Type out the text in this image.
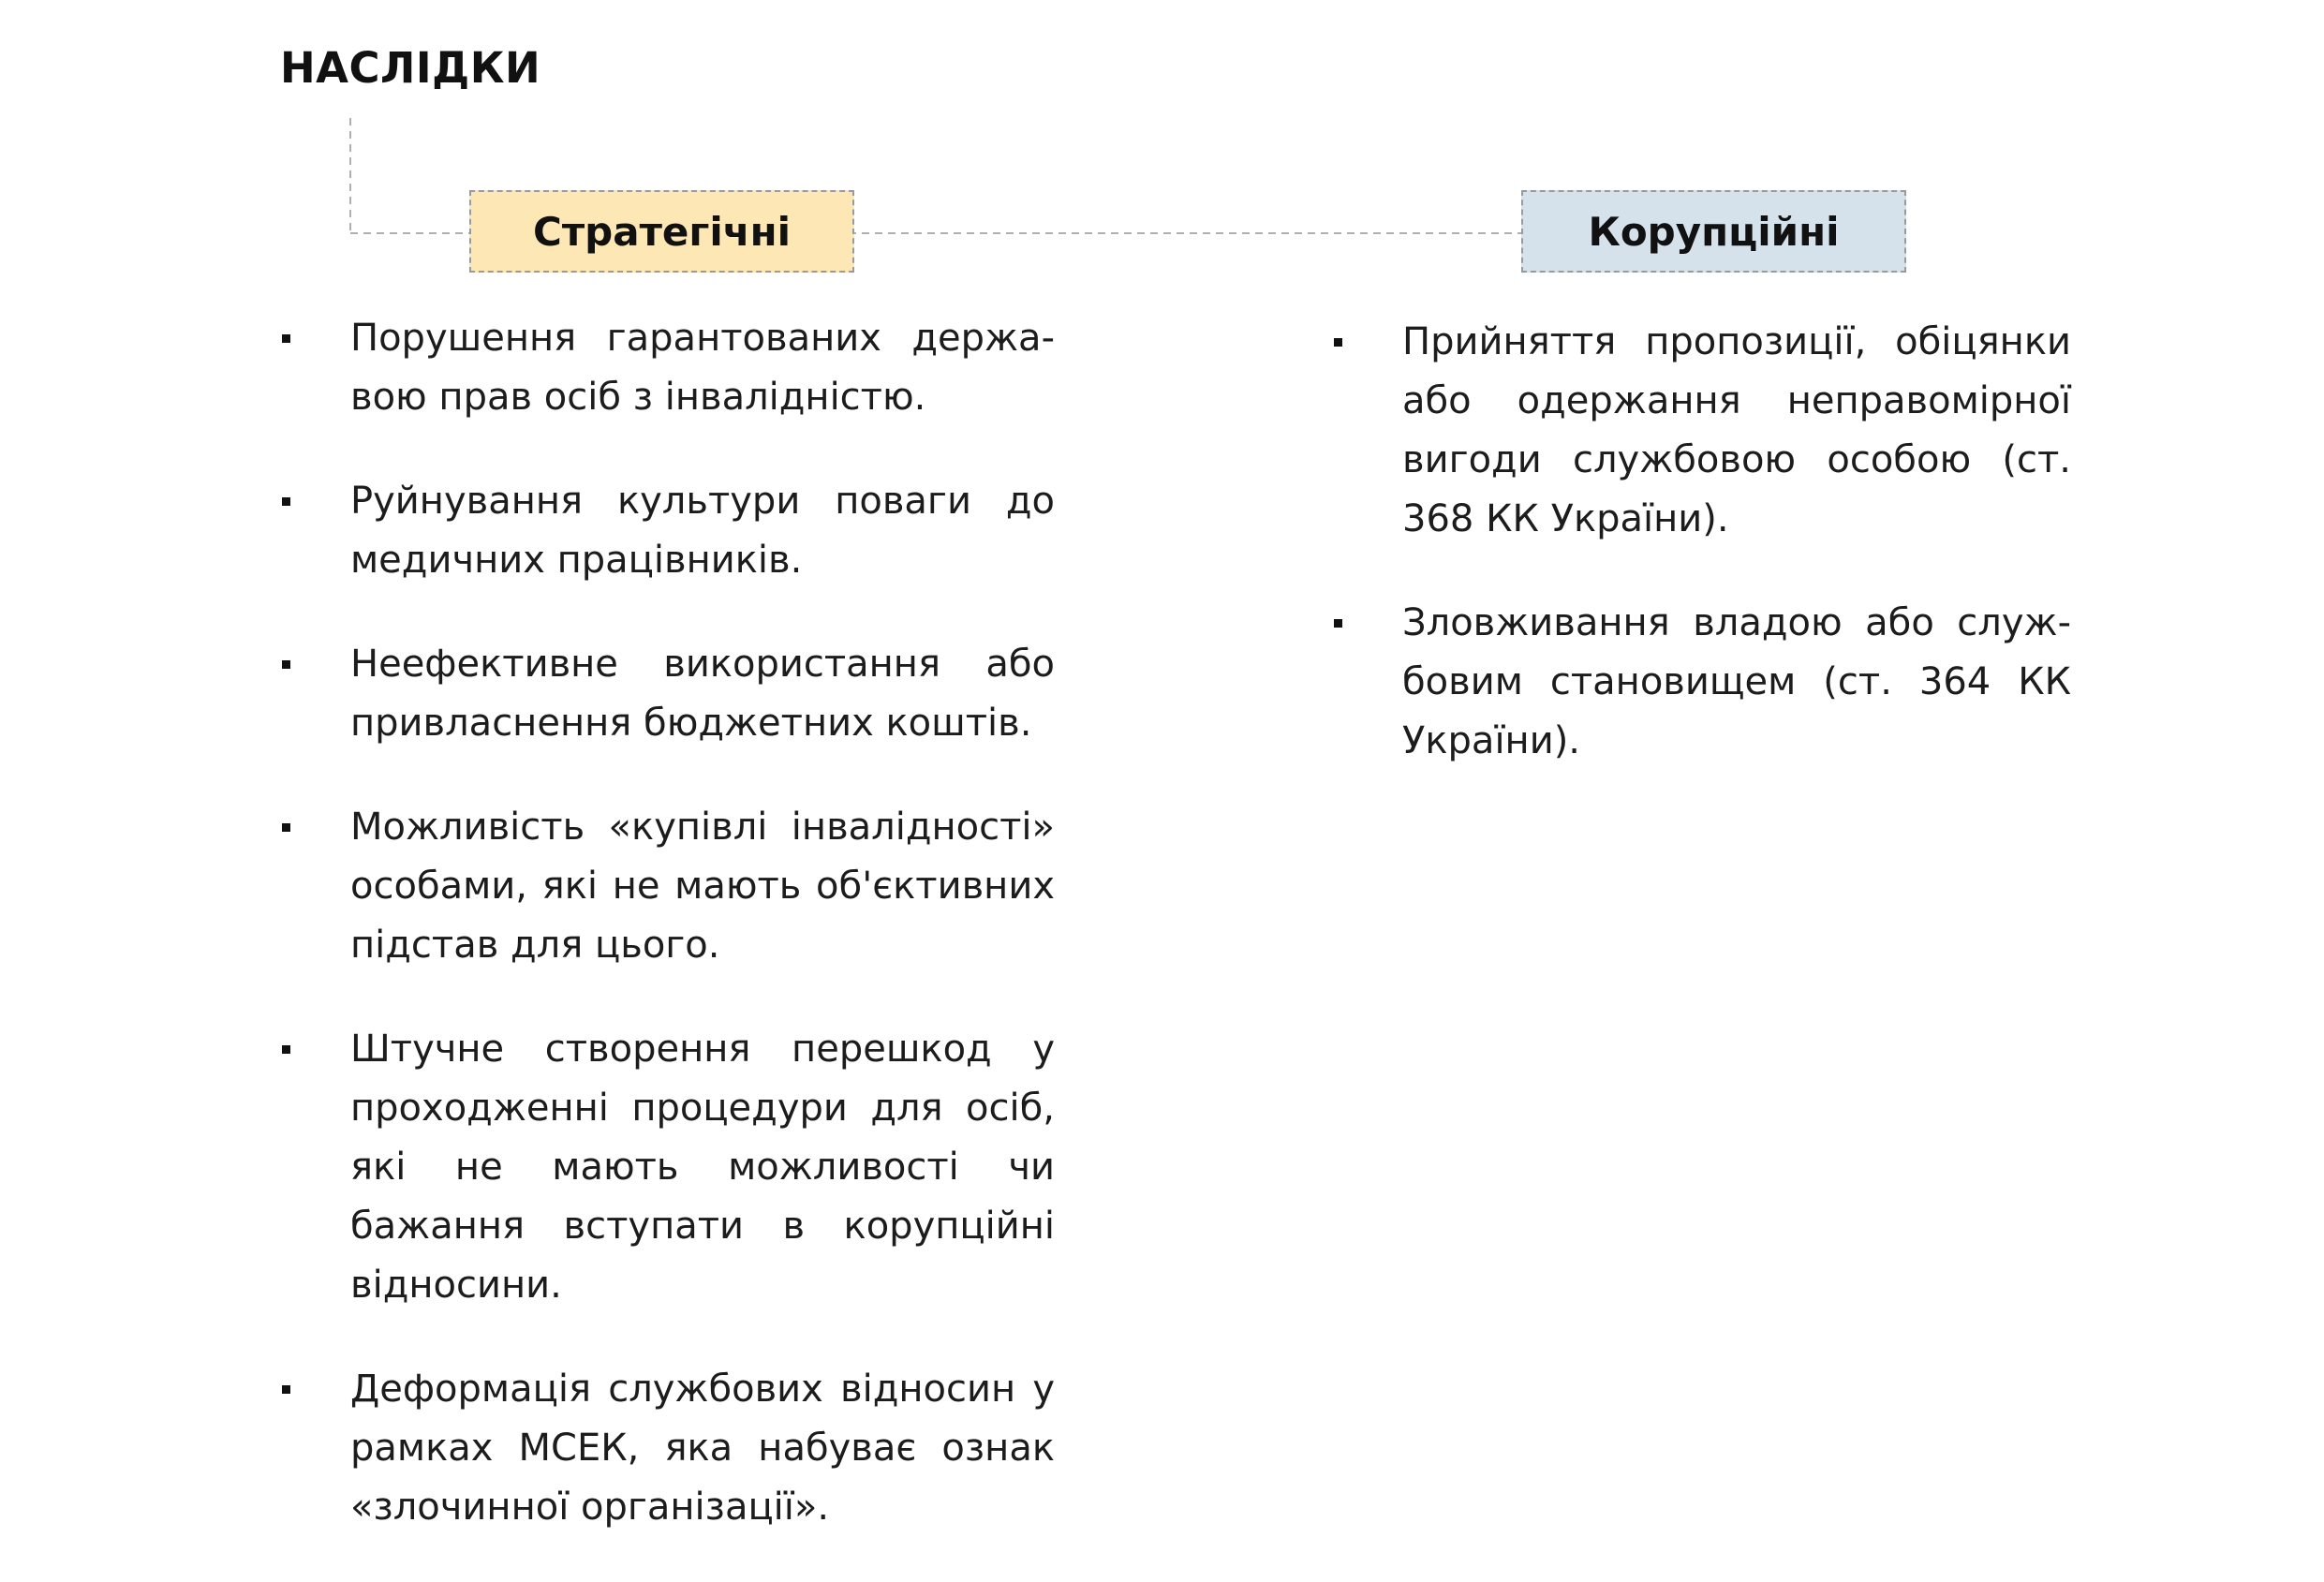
НАСЛІДКИ
Стратегічні	Корупційні
Порушення гарантованих державою прав осіб з інвалідністю.
Руйнування культури поваги до медичних працівників.
Неефективне використання або привласнення бюджетних коштів.
Можливість «купівлі інвалідності» особами, які не мають об'єктивних підстав для цього.
Штучне створення перешкод у проходженні процедури для осіб, які не мають можливості чи бажання вступати в корупційні відносини.
Деформація службових відносин у рамках МСЕК, яка набуває ознак «злочинної організації».
Прийняття пропозиції, обіцянки або одержання неправомірної вигоди службовою особою (ст. 368 КК України).
Зловживання владою або службовим становищем (ст. 364 КК України).
